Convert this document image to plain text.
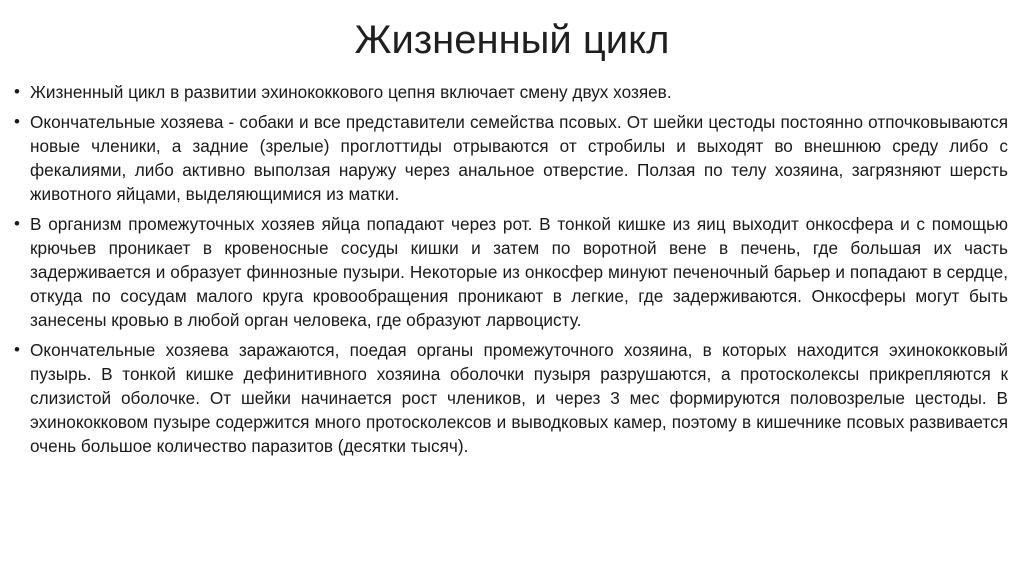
Жизненный цикл
• Жизненный цикл в развитии эхинококкового цепня включает смену двух хозяев.
• Окончательные хозяева - собаки и все представители семейства псовых. От шейки цестоды постоянно отпочковываются новые членики, а задние (зрелые) проглоттиды отрываются от стробилы и выходят во внешнюю среду либо с фекалиями, либо активно выползая наружу через анальное отверстие. Ползая по телу хозяина, загрязняют шерсть животного яйцами, выделяющимися из матки.
• В организм промежуточных хозяев яйца попадают через рот. В тонкой кишке из яиц выходит онкосфера и с помощью крючьев проникает в кровеносные сосуды кишки и затем по воротной вене в печень, где большая их часть задерживается и образует финнозные пузыри. Некоторые из онкосфер минуют печеночный барьер и попадают в сердце, откуда по сосудам малого круга кровообращения проникают в легкие, где задерживаются. Онкосферы могут быть занесены кровью в любой орган человека, где образуют ларвоцисту.
• Окончательные хозяева заражаются, поедая органы промежуточного хозяина, в которых находится эхинококковый пузырь. В тонкой кишке дефинитивного хозяина оболочки пузыря разрушаются, а протосколексы прикрепляются к слизистой оболочке. От шейки начинается рост члеников, и через 3 мес формируются половозрелые цестоды. В эхинококковом пузыре содержится много протосколексов и выводковых камер, поэтому в кишечнике псовых развивается очень большое количество паразитов (десятки тысяч).
